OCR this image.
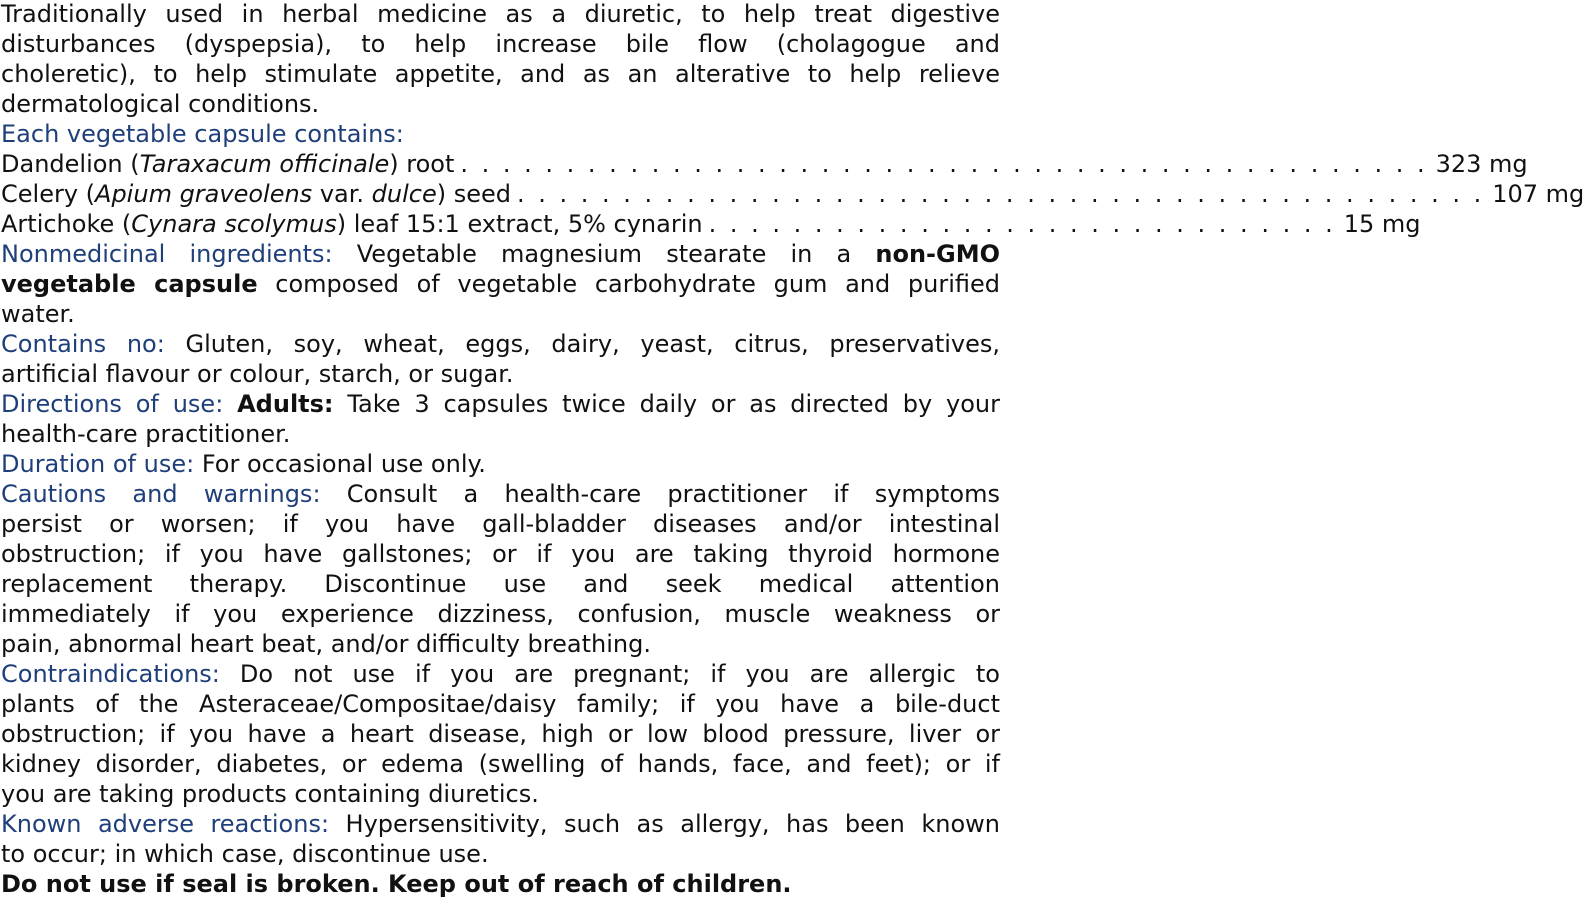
Traditionally used in herbal medicine as a diuretic, to help treat digestive
disturbances (dyspepsia), to help increase bile flow (cholagogue and
choleretic), to help stimulate appetite, and as an alterative to help relieve
dermatological conditions.
Each vegetable capsule contains:
Dandelion (Taraxacum officinale) root . . . . . . . . . . . . . . . . . . . . . . . . . . . . . . . . . . . . . . . . . . . . . . 323 mg
Celery (Apium graveolens var. dulce) seed . . . . . . . . . . . . . . . . . . . . . . . . . . . . . . . . . . . . . . . . . . . . . . 107 mg
Artichoke (Cynara scolymus) leaf 15:1 extract, 5% cynarin . . . . . . . . . . . . . . . . . . . . . . . . . . . . . . 15 mg
Nonmedicinal ingredients: Vegetable magnesium stearate in a non-GMO
vegetable capsule composed of vegetable carbohydrate gum and purified
water.
Contains no: Gluten, soy, wheat, eggs, dairy, yeast, citrus, preservatives,
artificial flavour or colour, starch, or sugar.
Directions of use: Adults: Take 3 capsules twice daily or as directed by your
health-care practitioner.
Duration of use: For occasional use only.
Cautions and warnings: Consult a health-care practitioner if symptoms
persist or worsen; if you have gall-bladder diseases and/or intestinal
obstruction; if you have gallstones; or if you are taking thyroid hormone
replacement therapy. Discontinue use and seek medical attention
immediately if you experience dizziness, confusion, muscle weakness or
pain, abnormal heart beat, and/or difficulty breathing.
Contraindications: Do not use if you are pregnant; if you are allergic to
plants of the Asteraceae/Compositae/daisy family; if you have a bile-duct
obstruction; if you have a heart disease, high or low blood pressure, liver or
kidney disorder, diabetes, or edema (swelling of hands, face, and feet); or if
you are taking products containing diuretics.
Known adverse reactions: Hypersensitivity, such as allergy, has been known
to occur; in which case, discontinue use.
Do not use if seal is broken. Keep out of reach of children.
